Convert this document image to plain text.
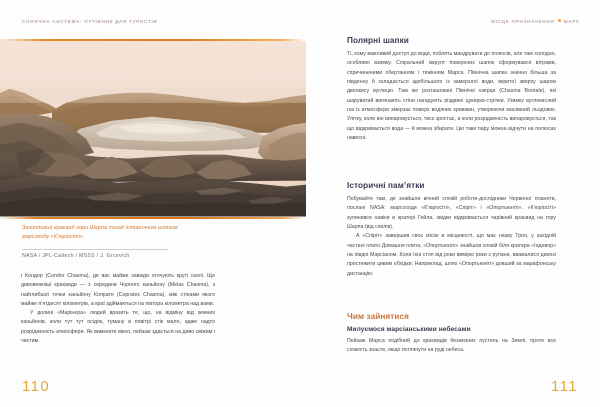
СОНЯЧНА СИСТЕМА: ПУТІВНИК ДЛЯ ТУРИСТІВ
Захопливий краєвид гори Шарпа понад історичним шляхом марсоходу «К’юріосіті».
NASA / JPL-Caltech / MSSS / J. Grcevich

і Кондор (Condor Chasma), де вас майже завжди оточують круті скелі. Ще дивовижніші краєвиди — з середини Чорного каньйону (Melas Chasma), з найглибшої точки каньйону Копрате (Coprates Chasma), між стінами якого майже п’ятдесят кілометрів, а краї здіймаються на півтора кілометра над вами.

У долині «Марінера» людей вразить те, що, на відміну від земних каньйонів, коли тут тут осідок, туману в повітрі стік мало, адже надто розрідженість атмосфери. Як вимкнете вікно, пейзаж здається на диво свіжим і чистим.

110
МІСЦЕ ПРИЗНАЧЕННЯ МАРС
Полярні шапки

Ті, кому важливий доступ до води, поблять мандрувати до полюсів, але там холодно, особливо взимку. Спіральний ізкрупт поверхних шапок сформувався вітрами, спричиненими обертанням і тяжінням Марса. Північна шапка значно більша за південну й складається здебільшого із замерзлої води, вкритої зверху шаром двоокису вуглецю. Там же розташовані Північні озерця (Chasma Boreale), які шаруватий вигинають стіни нагадують різдвяні цукерки-стрічки. Узимку вуглекислий газ із атмосфери змерзає поверх водяних криижин, утворюючи масивний льодовик. Улітку, коли він випаровується, тиск зростає, а коли розрідженість випаровується, так що відкривається вода — й можна збирати. Цю таки пару можна відчути на полюсах навесні.

Історичні пам’ятки

Побувайте там, де знайшли вічний спокій роботи-дослідники Червоної планети, послані NASA: марсоходи «К’юріосіті», «Спіріт» і «Опортьюніті». «К’юріосіті» зупинився навіки в кратері Гейла, звідки відкривається чарівний краєвид на гору Шарпа (від схилів).

А «Спіріт» завершив своє місію в місцевості, що має назву Троя, у західній частині плато Домашня плита, «Опортьюніті» знайшов спокій біля кратера «Індевор» на півдні Марсіаном. Коли їхні стоп від роки вимірю роки з рупани, вважалися динозі простежити цивим обхідки. Наприклад, шлях «Опортьюніті» довший за марафонську дистанцію.

Чим зайнятися
Милуємося марсіанськими небесами

Пейзаж Марса подібний до краєвидів безжизних пустель на Землі, проте все схожість знаєте, якщо поглянути на руді небеса.

111
